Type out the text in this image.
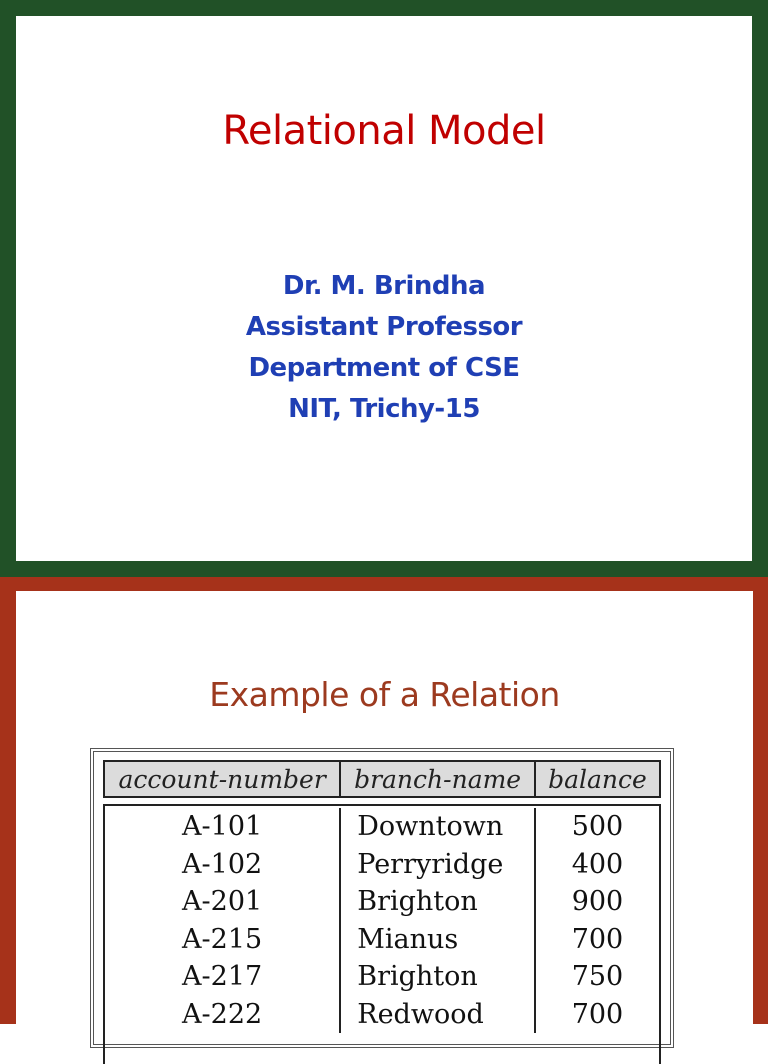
Relational Model
Dr. M. Brindha
Assistant Professor
Department of CSE
NIT, Trichy-15
Example of a Relation
account-number	branch-name	balance
A-101	Downtown	500
A-102	Perryridge	400
A-201	Brighton	900
A-215	Mianus	700
A-217	Brighton	750
A-222	Redwood	700
